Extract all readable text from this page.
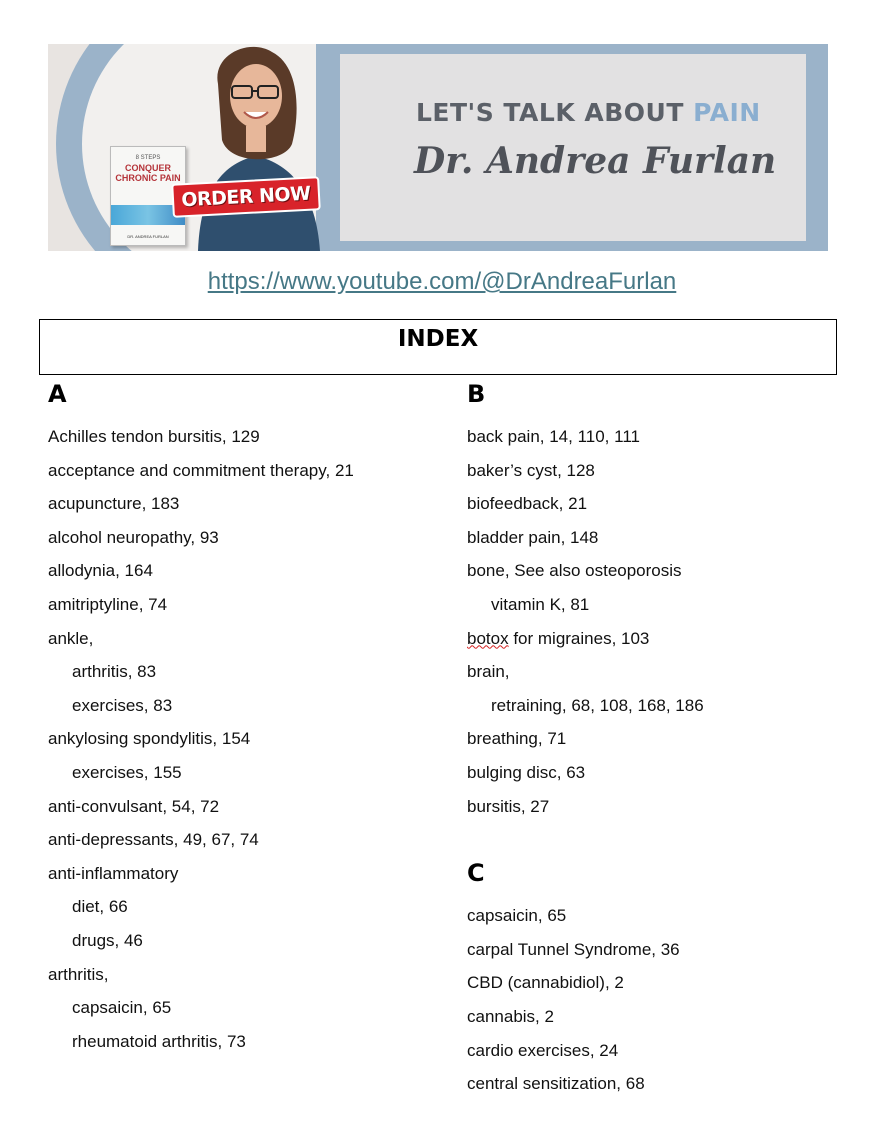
8 STEPS
CONQUER CHRONIC PAIN
DR. ANDREA FURLAN
ORDER NOW
LET'S TALK ABOUT PAIN
Dr. Andrea Furlan
https://www.youtube.com/@DrAndreaFurlan
INDEX
A
Achilles tendon bursitis, 129
acceptance and commitment therapy, 21
acupuncture, 183
alcohol neuropathy, 93
allodynia, 164
amitriptyline, 74
ankle,
arthritis, 83
exercises, 83
ankylosing spondylitis, 154
exercises, 155
anti-convulsant, 54, 72
anti-depressants, 49, 67, 74
anti-inflammatory
diet, 66
drugs, 46
arthritis,
capsaicin, 65
rheumatoid arthritis, 73
B
back pain, 14, 110, 111
baker’s cyst, 128
biofeedback, 21
bladder pain, 148
bone, See also osteoporosis
vitamin K, 81
botox for migraines, 103
brain,
retraining, 68, 108, 168, 186
breathing, 71
bulging disc, 63
bursitis, 27
C
capsaicin, 65
carpal Tunnel Syndrome, 36
CBD (cannabidiol), 2
cannabis, 2
cardio exercises, 24
central sensitization, 68
